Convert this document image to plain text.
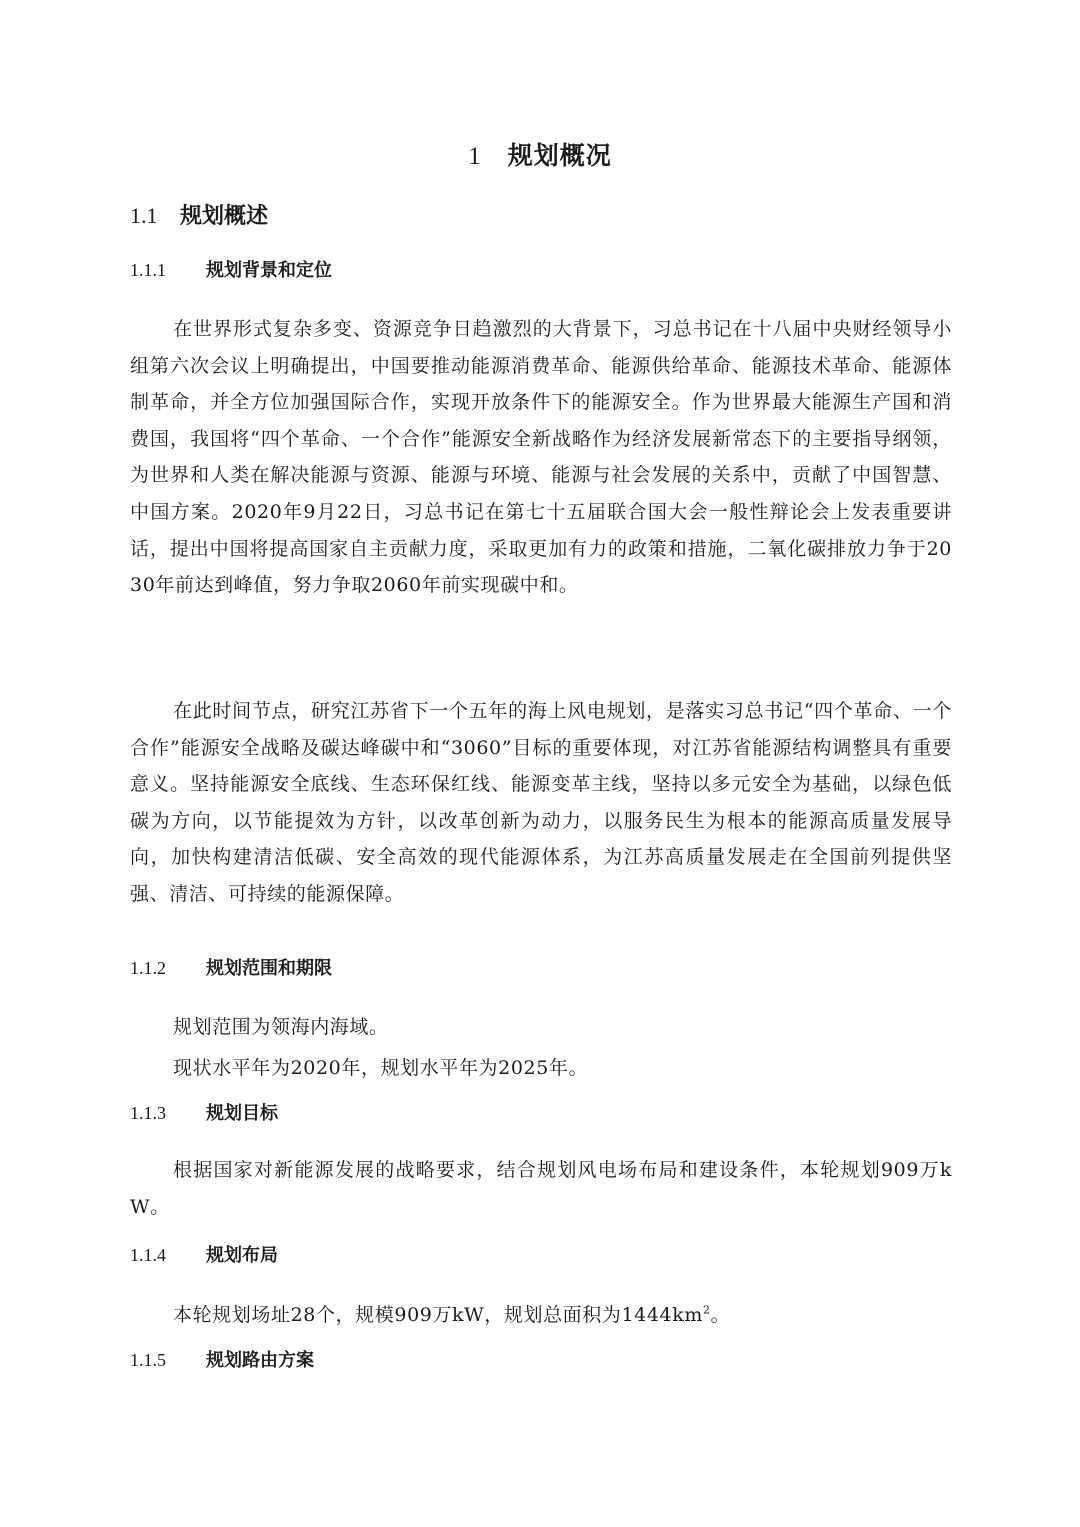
1 规划概况
1.1 规划概述
1.1.1 规划背景和定位

在世界形式复杂多变、资源竞争日趋激烈的大背景下，习总书记在十八届中央财经领导小组第六次会议上明确提出，中国要推动能源消费革命、能源供给革命、能源技术革命、能源体制革命，并全方位加强国际合作，实现开放条件下的能源安全。作为世界最大能源生产国和消费国，我国将“四个革命、一个合作”能源安全新战略作为经济发展新常态下的主要指导纲领，为世界和人类在解决能源与资源、能源与环境、能源与社会发展的关系中，贡献了中国智慧、中国方案。2020年9月22日，习总书记在第七十五届联合国大会一般性辩论会上发表重要讲话，提出中国将提高国家自主贡献力度，采取更加有力的政策和措施，二氧化碳排放力争于2030年前达到峰值，努力争取2060年前实现碳中和。

在此时间节点，研究江苏省下一个五年的海上风电规划，是落实习总书记“四个革命、一个合作”能源安全战略及碳达峰碳中和“3060”目标的重要体现，对江苏省能源结构调整具有重要意义。坚持能源安全底线、生态环保红线、能源变革主线，坚持以多元安全为基础，以绿色低碳为方向，以节能提效为方针，以改革创新为动力，以服务民生为根本的能源高质量发展导向，加快构建清洁低碳、安全高效的现代能源体系，为江苏高质量发展走在全国前列提供坚强、清洁、可持续的能源保障。

1.1.2 规划范围和期限

规划范围为领海内海域。

现状水平年为2020年，规划水平年为2025年。

1.1.3 规划目标

根据国家对新能源发展的战略要求，结合规划风电场布局和建设条件，本轮规划909万kW。

1.1.4 规划布局

本轮规划场址28个，规模909万kW，规划总面积为$1444km^2$。

1.1.5 规划路由方案
